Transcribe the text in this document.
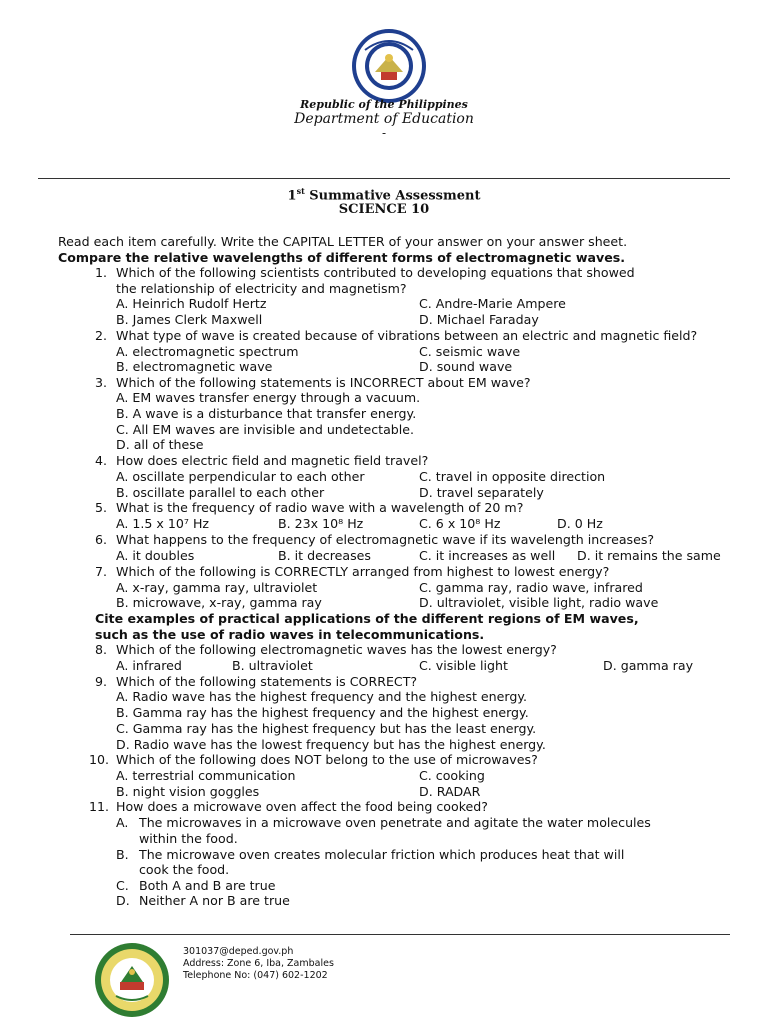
Republic of the Philippines
Department of Education
-
1st Summative Assessment
SCIENCE 10
Read each item carefully. Write the CAPITAL LETTER of your answer on your answer sheet.
Compare the relative wavelengths of different forms of electromagnetic waves.
1. Which of the following scientists contributed to developing equations that showed
the relationship of electricity and magnetism?
A. Heinrich Rudolf Hertz	C. Andre-Marie Ampere
B. James Clerk Maxwell	D. Michael Faraday
2. What type of wave is created because of vibrations between an electric and magnetic field?
A. electromagnetic spectrum	C. seismic wave
B. electromagnetic wave	D. sound wave
3. Which of the following statements is INCORRECT about EM wave?
A. EM waves transfer energy through a vacuum.
B. A wave is a disturbance that transfer energy.
C. All EM waves are invisible and undetectable.
D. all of these
4. How does electric field and magnetic field travel?
A. oscillate perpendicular to each other	C. travel in opposite direction
B. oscillate parallel to each other	D. travel separately
5. What is the frequency of radio wave with a wavelength of 20 m?
A. 1.5 x 10⁷ Hz	B. 23x 10⁸ Hz	C. 6 x 10⁸ Hz	D. 0 Hz
6. What happens to the frequency of electromagnetic wave if its wavelength increases?
A. it doubles	B. it decreases	C. it increases as well D. it remains the same
7. Which of the following is CORRECTLY arranged from highest to lowest energy?
A. x-ray, gamma ray, ultraviolet	C. gamma ray, radio wave, infrared
B. microwave, x-ray, gamma ray	D. ultraviolet, visible light, radio wave
Cite examples of practical applications of the different regions of EM waves,
such as the use of radio waves in telecommunications.
8. Which of the following electromagnetic waves has the lowest energy?
A. infrared	B. ultraviolet	C. visible light	D. gamma ray
9. Which of the following statements is CORRECT?
A. Radio wave has the highest frequency and the highest energy.
B. Gamma ray has the highest frequency and the highest energy.
C. Gamma ray has the highest frequency but has the least energy.
D. Radio wave has the lowest frequency but has the highest energy.
10. Which of the following does NOT belong to the use of microwaves?
A. terrestrial communication	C. cooking
B. night vision goggles	D. RADAR
11. How does a microwave oven affect the food being cooked?
A. The microwaves in a microwave oven penetrate and agitate the water molecules
within the food.
B. The microwave oven creates molecular friction which produces heat that will
cook the food.
C. Both A and B are true
D. Neither A nor B are true
301037@deped.gov.ph
Address: Zone 6, Iba, Zambales
Telephone No: (047) 602-1202
